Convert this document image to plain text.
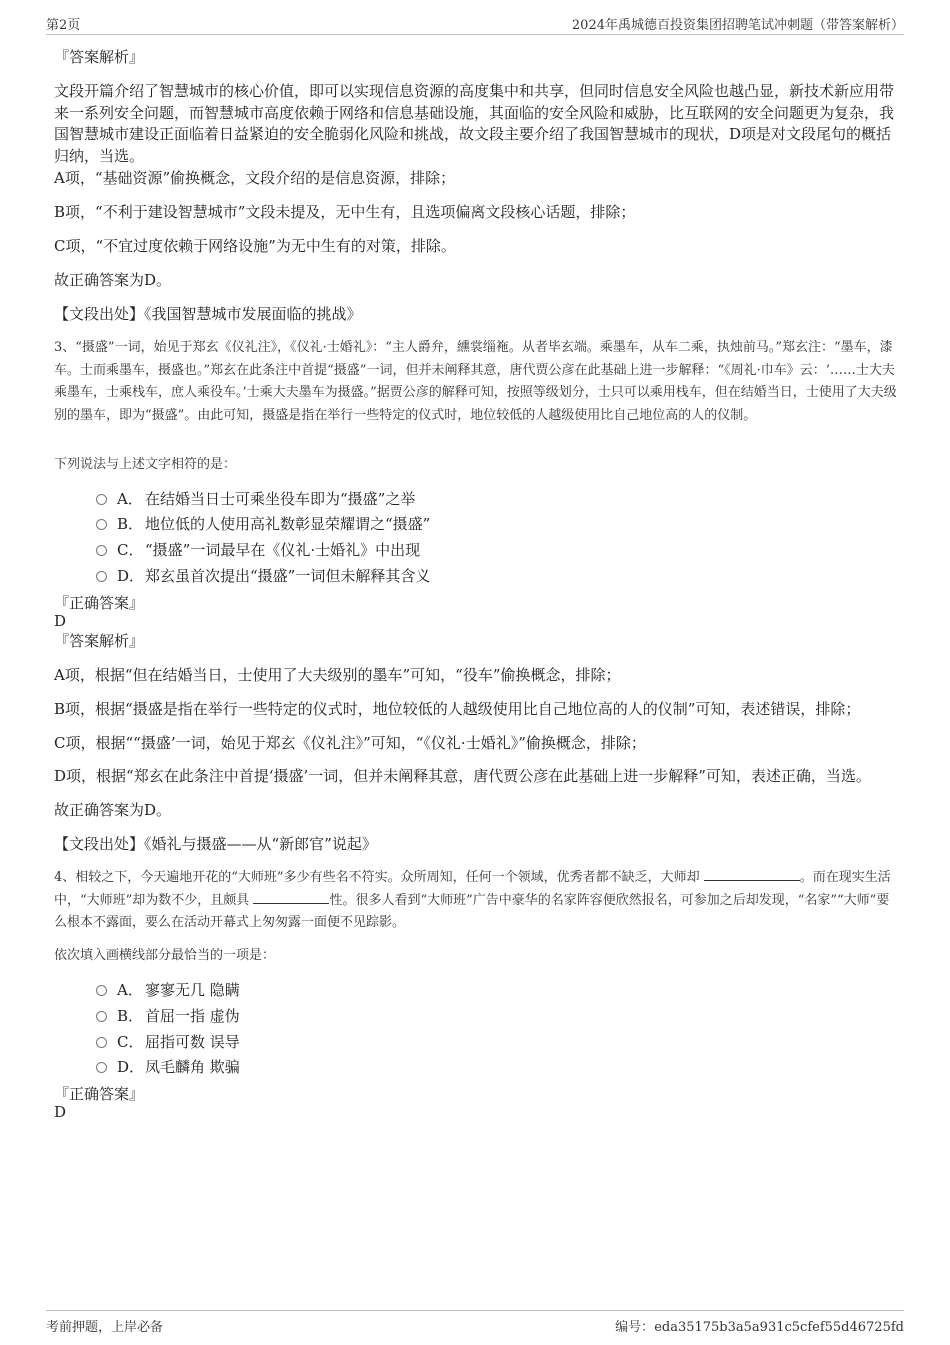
第2页	2024年禹城德百投资集团招聘笔试冲刺题（带答案解析）
『答案解析』
文段开篇介绍了智慧城市的核心价值，即可以实现信息资源的高度集中和共享，但同时信息安全风险也越凸显，新技术新应用带来一系列安全问题，而智慧城市高度依赖于网络和信息基础设施，其面临的安全风险和威胁，比互联网的安全问题更为复杂，我国智慧城市建设正面临着日益紧迫的安全脆弱化风险和挑战，故文段主要介绍了我国智慧城市的现状，D项是对文段尾句的概括归纳，当选。
A项，“基础资源”偷换概念，文段介绍的是信息资源，排除；
B项，“不利于建设智慧城市”文段未提及，无中生有，且选项偏离文段核心话题，排除；
C项，“不宜过度依赖于网络设施”为无中生有的对策，排除。
故正确答案为D。
【文段出处】《我国智慧城市发展面临的挑战》
3、“摄盛”一词，始见于郑玄《仪礼注》，《仪礼·士婚礼》：“主人爵弁，纁裳缁袘。从者毕玄端。乘墨车，从车二乘，执烛前马。”郑玄注：“墨车，漆车。士而乘墨车，摄盛也。”郑玄在此条注中首提“摄盛”一词，但并未阐释其意，唐代贾公彦在此基础上进一步解释：“《周礼·巾车》云：‘……士大夫乘墨车，士乘栈车，庶人乘役车。’士乘大夫墨车为摄盛。”据贾公彦的解释可知，按照等级划分，士只可以乘用栈车，但在结婚当日，士使用了大夫级别的墨车，即为“摄盛”。由此可知，摄盛是指在举行一些特定的仪式时，地位较低的人越级使用比自己地位高的人的仪制。
下列说法与上述文字相符的是：
A． 在结婚当日士可乘坐役车即为“摄盛”之举
B． 地位低的人使用高礼数彰显荣耀谓之“摄盛”
C． “摄盛”一词最早在《仪礼·士婚礼》中出现
D．郑玄虽首次提出“摄盛”一词但未解释其含义
『正确答案』
D
『答案解析』
A项，根据“但在结婚当日，士使用了大夫级别的墨车”可知，“役车”偷换概念，排除；
B项，根据“摄盛是指在举行一些特定的仪式时，地位较低的人越级使用比自己地位高的人的仪制”可知，表述错误，排除；
C项，根据““摄盛’一词，始见于郑玄《仪礼注》”可知，“《仪礼·士婚礼》”偷换概念，排除；
D项，根据“郑玄在此条注中首提‘摄盛’一词，但并未阐释其意，唐代贾公彦在此基础上进一步解释”可知，表述正确，当选。
故正确答案为D。
【文段出处】《婚礼与摄盛——从“新郎官”说起》
4、相较之下，今天遍地开花的“大师班”多少有些名不符实。众所周知，任何一个领域，优秀者都不缺乏，大师却	。而在现实生活中，“大师班”却为数不少，且颇具	性。很多人看到“大师班”广告中豪华的名家阵容便欣然报名，可参加之后却发现，“名家”“大师”要么根本不露面，要么在活动开幕式上匆匆露一面便不见踪影。
依次填入画横线部分最恰当的一项是：
A． 寥寥无几 隐瞒
B． 首屈一指 虚伪
C． 屈指可数 误导
D．凤毛麟角 欺骗
『正确答案』
D
考前押题，上岸必备	编号：eda35175b3a5a931c5cfef55d46725fd
